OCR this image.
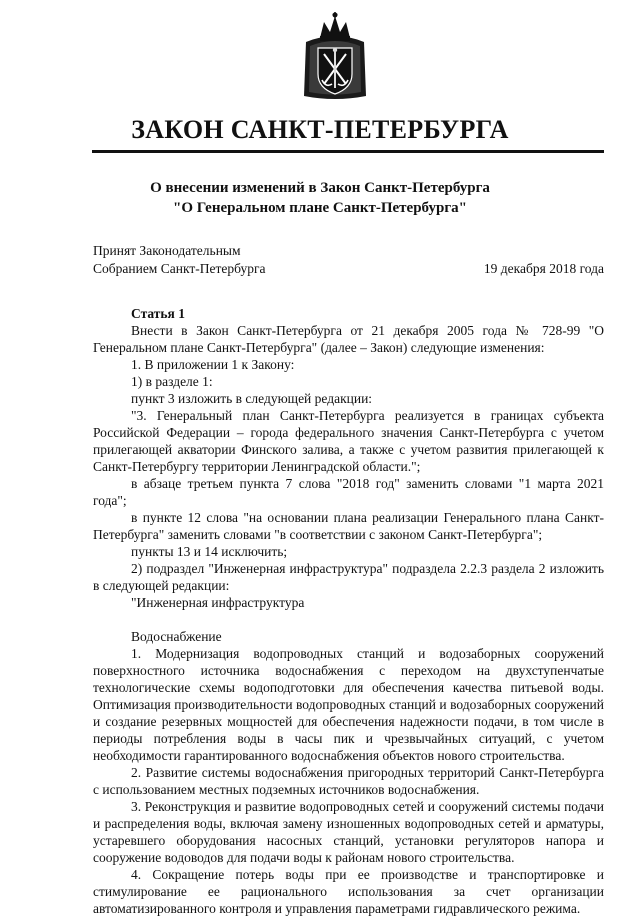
ЗАКОН САНКТ-ПЕТЕРБУРГА
О внесении изменений в Закон Санкт-Петербурга
"О Генеральном плане Санкт-Петербурга"
Принят Законодательным
Собранием Санкт-Петербурга	19 декабря 2018 года

Статья 1

Внести в Закон Санкт-Петербурга от 21 декабря 2005 года № 728-99 "О Генеральном плане Санкт-Петербурга" (далее – Закон) следующие изменения:

1. В приложении 1 к Закону:

1) в разделе 1:

пункт 3 изложить в следующей редакции:

"3. Генеральный план Санкт-Петербурга реализуется в границах субъекта Российской Федерации – города федерального значения Санкт-Петербурга с учетом прилегающей акватории Финского залива, а также с учетом развития прилегающей к Санкт-Петербургу территории Ленинградской области.";

в абзаце третьем пункта 7 слова "2018 год" заменить словами "1 марта 2021 года";

в пункте 12 слова "на основании плана реализации Генерального плана Санкт-Петербурга" заменить словами "в соответствии с законом Санкт-Петербурга";

пункты 13 и 14 исключить;

2) подраздел "Инженерная инфраструктура" подраздела 2.2.3 раздела 2 изложить в следующей редакции:

"Инженерная инфраструктура

Водоснабжение

1. Модернизация водопроводных станций и водозаборных сооружений поверхностного источника водоснабжения с переходом на двухступенчатые технологические схемы водоподготовки для обеспечения качества питьевой воды. Оптимизация производительности водопроводных станций и водозаборных сооружений и создание резервных мощностей для обеспечения надежности подачи, в том числе в периоды потребления воды в часы пик и чрезвычайных ситуаций, с учетом необходимости гарантированного водоснабжения объектов нового строительства.

2. Развитие системы водоснабжения пригородных территорий Санкт-Петербурга с использованием местных подземных источников водоснабжения.

3. Реконструкция и развитие водопроводных сетей и сооружений системы подачи и распределения воды, включая замену изношенных водопроводных сетей и арматуры, устаревшего оборудования насосных станций, установки регуляторов напора и сооружение водоводов для подачи воды к районам нового строительства.

4. Сокращение потерь воды при ее производстве и транспортировке и стимулирование ее рационального использования за счет организации автоматизированного контроля и управления параметрами гидравлического режима.
